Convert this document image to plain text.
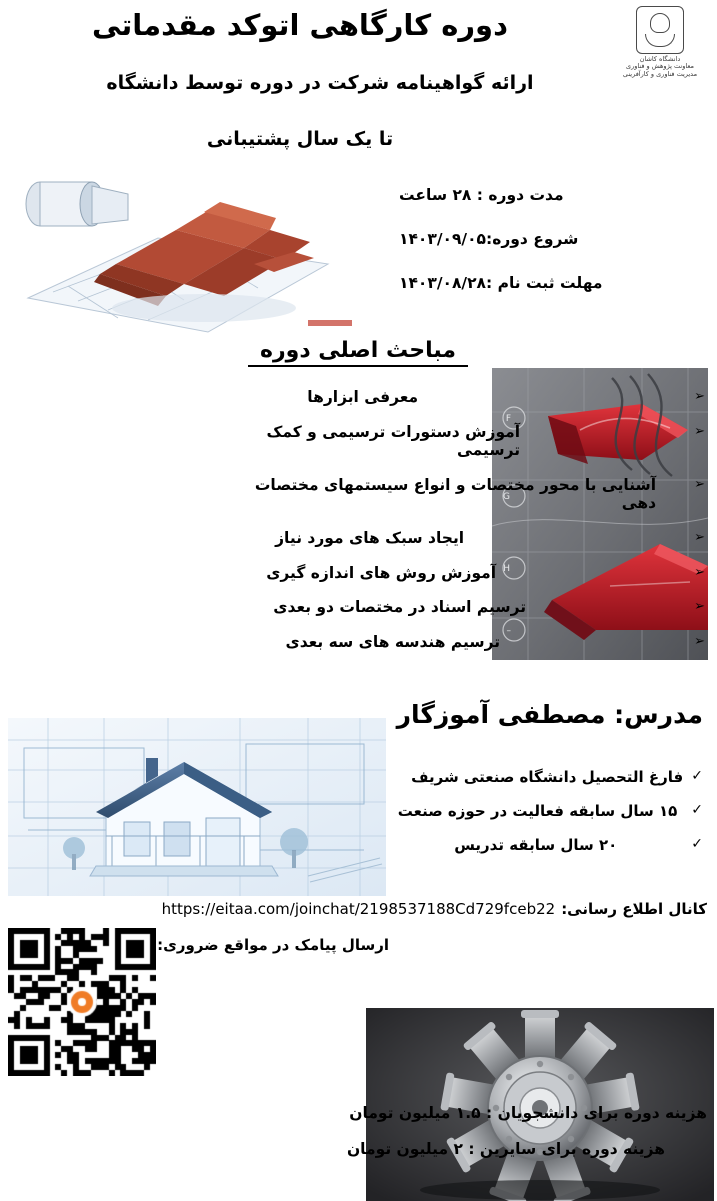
دانشگاه کاشان
معاونت پژوهش و فناوری
مدیریت فناوری و کارآفرینی
دوره کارگاهی اتوکد مقدماتی
ارائه گواهینامه شرکت در دوره توسط دانشگاه
تا یک سال پشتیبانی
مدت دوره : ۲۸ ساعت
شروع دوره:۱۴۰۳/۰۹/۰۵
مهلت ثبت نام :۱۴۰۳/۰۸/۲۸
مباحث اصلی دوره
F
G
H
–
➢
معرفی ابزارها
➢
آموزش دستورات ترسیمی و کمک ترسیمی
➢
آشنایی با محور مختصات و انواع سیستمهای مختصات دهی
➢
ایجاد سبک های مورد نیاز
➢
آموزش روش های اندازه گیری
➢
ترسیم اسناد در مختصات دو بعدی
➢
ترسیم هندسه های سه بعدی
مدرس: مصطفی آموزگار
✓
فارغ التحصیل دانشگاه صنعتی شریف
✓
۱۵ سال سابقه فعالیت در حوزه صنعت
✓
۲۰ سال سابقه تدریس
کانال اطلاع رسانی:
https://eitaa.com/joinchat/2198537188Cd729fceb22
ارسال پیامک در مواقع ضروری:
هزینه دوره برای دانشجویان : ۱.۵ میلیون تومان
هزینه دوره برای سایرین : ۲ میلیون تومان
